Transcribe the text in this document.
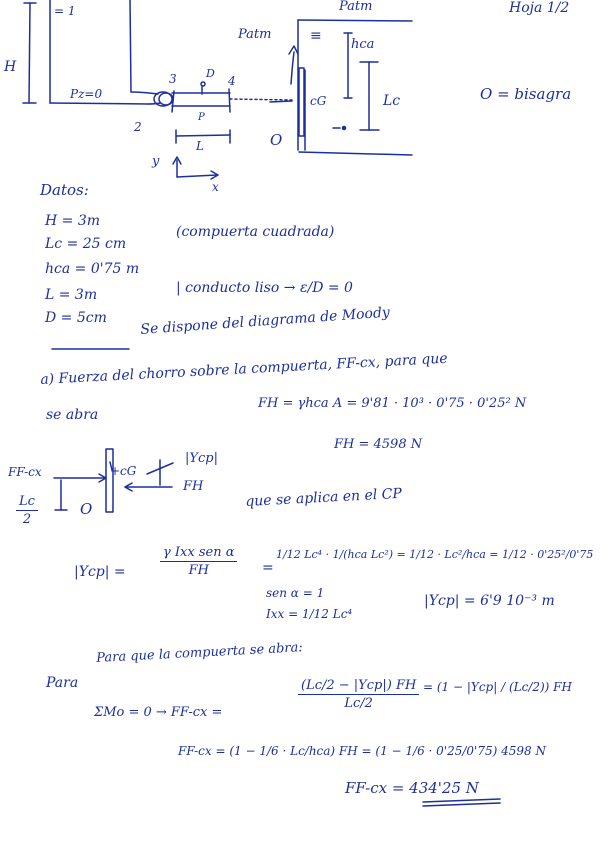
Hoja 1/2
= 1
H
Pz=0
3	D
4
2
P
L
Patm
Patm	≡
hca
cG	Lc
O
y
x
O = bisagra
Datos:
H = 3m
Lc = 25 cm
hca = 0'75 m
L = 3m
D = 5cm
(compuerta cuadrada)
| conducto liso → ε/D = 0
Se dispone del diagrama de Moody
a) Fuerza del chorro sobre la compuerta, FF-cx, para que
se abra
FH = γhca A = 9'81 · 10³ · 0'75 · 0'25² N
FH = 4598 N
FF-cx	+cG
|Ycp|
FH
$\frac{Lc}{2}$	O	que se aplica en el CP
|Ycp| =
γ Ixx sen α
FH	=
1/12 Lc⁴ · 1/(hca Lc²) = 1/12 · Lc²/hca = 1/12 · 0'25²/0'75
sen α = 1
Ixx = 1/12 Lc⁴
|Ycp| = 6'9 10⁻³ m
Para
Para que la compuerta se abra:
ΣMo = 0 → FF-cx =
(Lc/2 − |Ycp|) FH
Lc/2
= (1 − |Ycp| / (Lc/2)) FH
FF-cx = (1 − 1/6 · Lc/hca) FH = (1 − 1/6 · 0'25/0'75) 4598 N
FF-cx = 434'25 N
